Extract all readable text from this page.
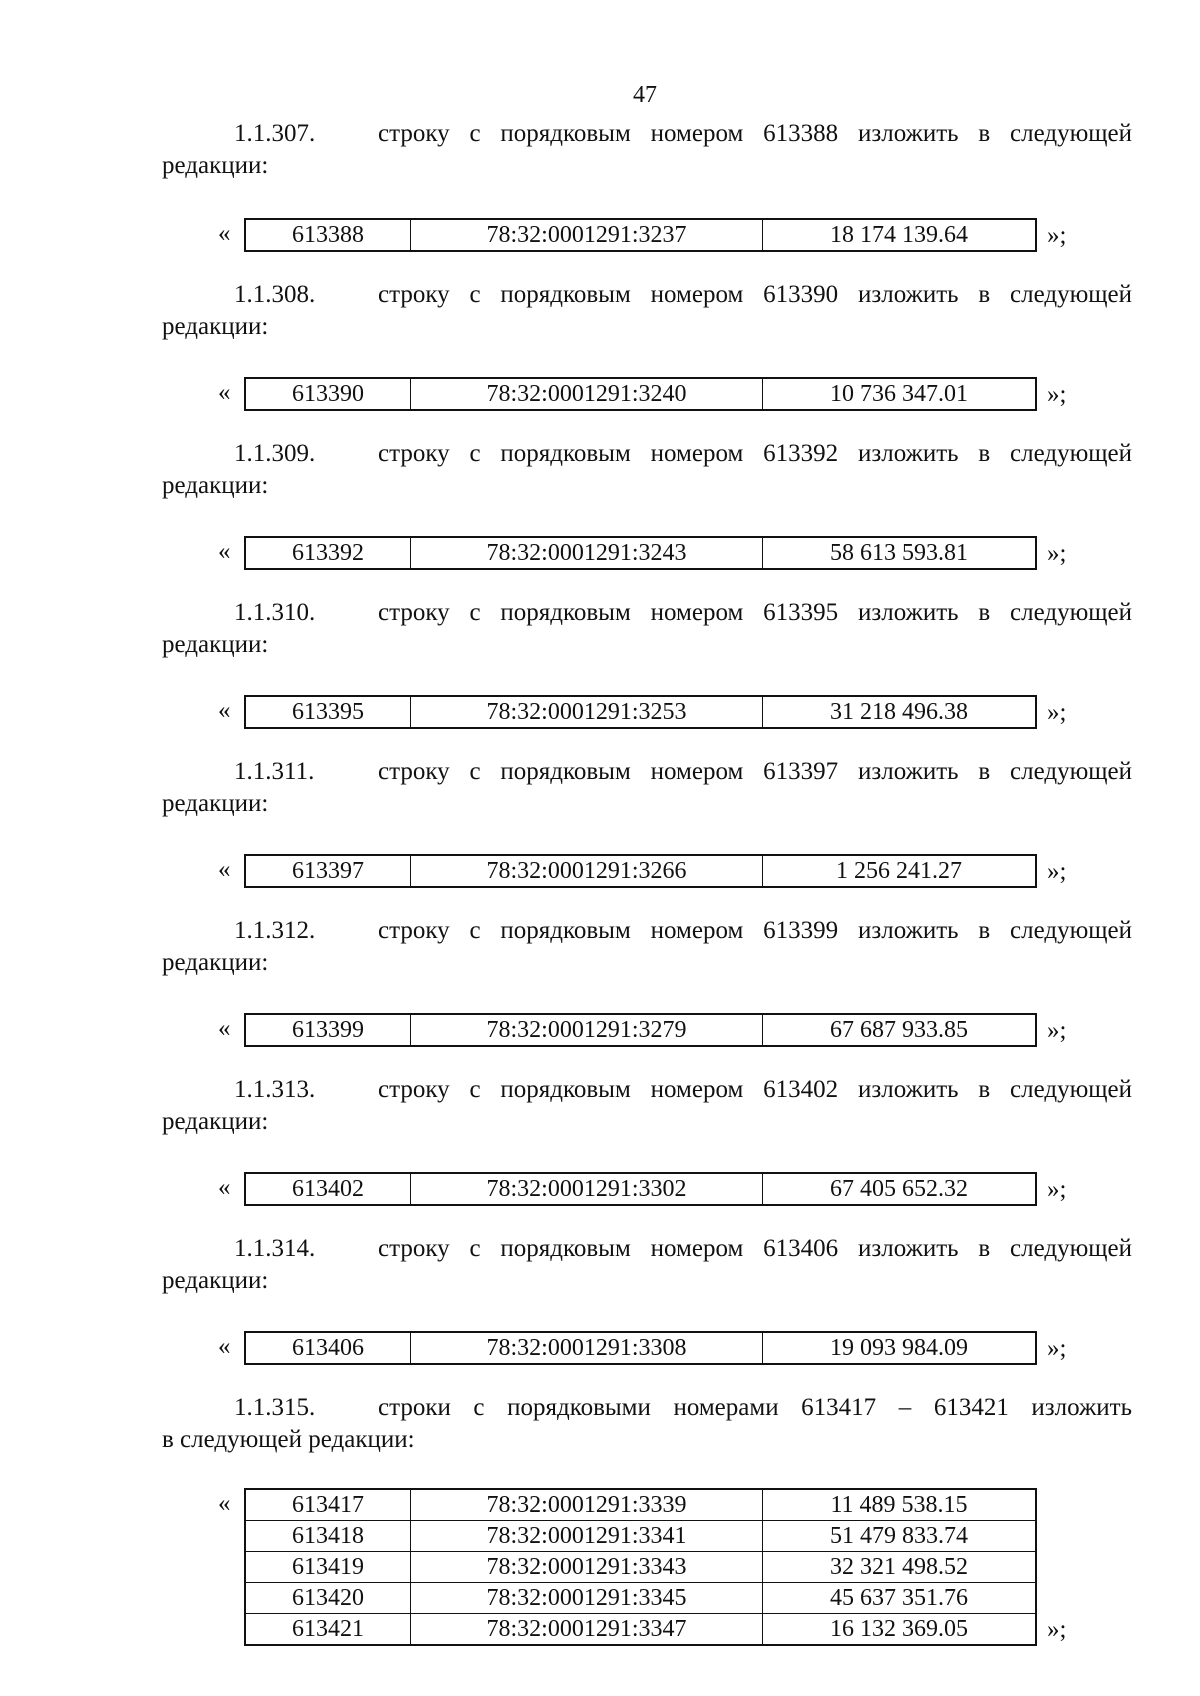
47
1.1.307.	строку с порядковым номером 613388 изложить в следующей
редакции:
«	613388	78:32:0001291:3237	18 174 139.64	»;
1.1.308.	строку с порядковым номером 613390 изложить в следующей
редакции:
«	613390	78:32:0001291:3240	10 736 347.01	»;
1.1.309.	строку с порядковым номером 613392 изложить в следующей
редакции:
«	613392	78:32:0001291:3243	58 613 593.81	»;
1.1.310.	строку с порядковым номером 613395 изложить в следующей
редакции:
«	613395	78:32:0001291:3253	31 218 496.38	»;
1.1.311.	строку с порядковым номером 613397 изложить в следующей
редакции:
«	613397	78:32:0001291:3266	1 256 241.27	»;
1.1.312.	строку с порядковым номером 613399 изложить в следующей
редакции:
«	613399	78:32:0001291:3279	67 687 933.85	»;
1.1.313.	строку с порядковым номером 613402 изложить в следующей
редакции:
«	613402	78:32:0001291:3302	67 405 652.32	»;
1.1.314.	строку с порядковым номером 613406 изложить в следующей
редакции:
«	613406	78:32:0001291:3308	19 093 984.09	»;
1.1.315.	строки с порядковыми номерами 613417 – 613421 изложить
в следующей редакции:
«	613417	78:32:0001291:3339	11 489 538.15
613418	78:32:0001291:3341	51 479 833.74
613419	78:32:0001291:3343	32 321 498.52
613420	78:32:0001291:3345	45 637 351.76
613421	78:32:0001291:3347	16 132 369.05	»;
